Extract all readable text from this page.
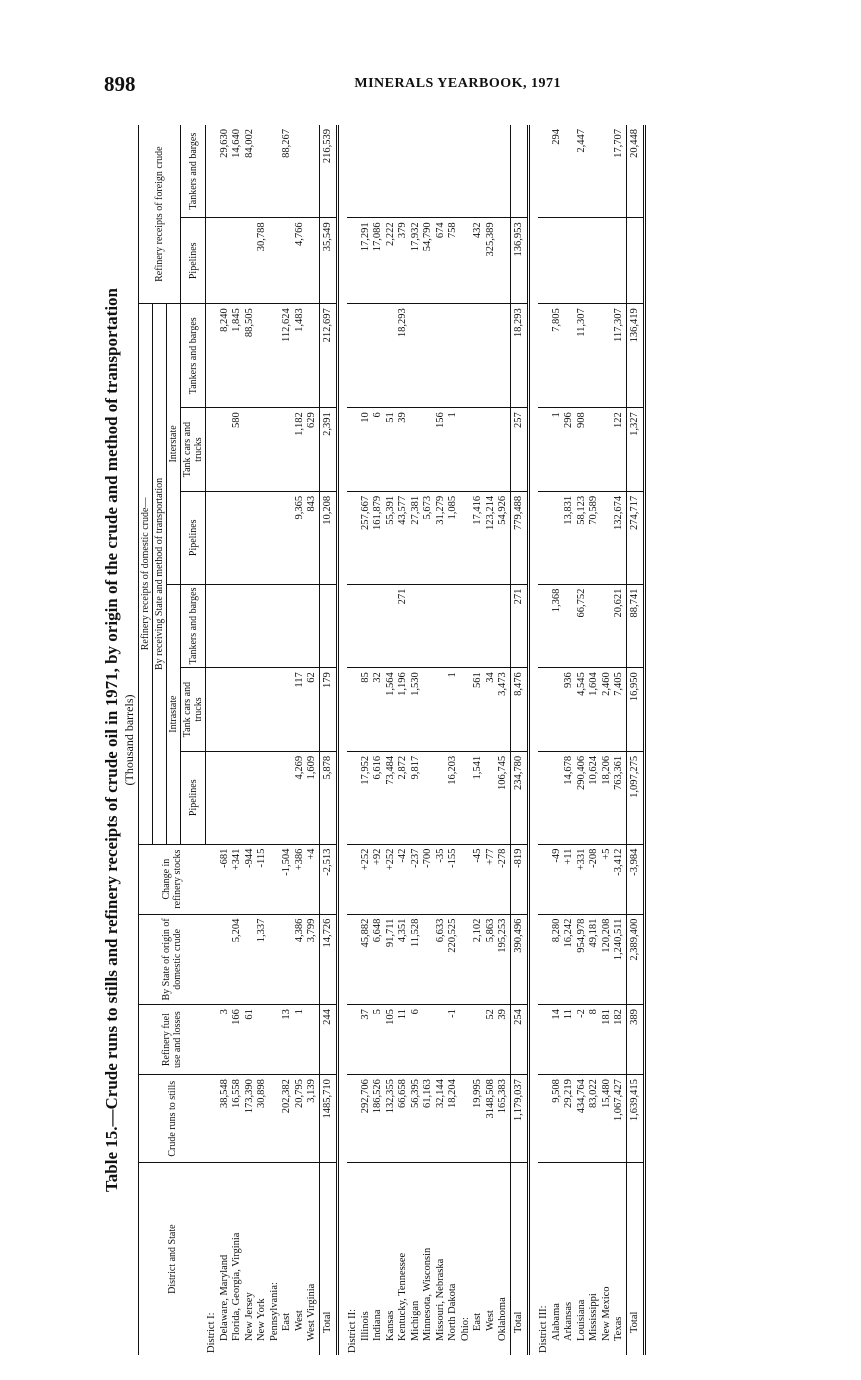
898	MINERALS YEARBOOK, 1971
Table 15.—Crude runs to stills and refinery receipts of crude oil in 1971, by origin of the crude and method of transportation (Thousand barrels)
District and State	Crude runs to stills	Refinery fuel use and losses	By State of origin of domestic crude	Change in refinery stocks	Refinery receipts of domestic crude—						Refinery receipts of foreign crude	
					By receiving State and method of transportation							
					Intrastate			Interstate				
					Pipelines	Tank cars and trucks	Tankers and barges	Pipelines	Tank cars and trucks	Tankers and barges	Pipelines	Tankers and barges
District I:												
Delaware, Maryland	38,548	3		-681						8,240		29,630
Florida, Georgia, Virginia	16,558	166	5,204	+341					580	1,845		14,640
New Jersey	173,390	61		-944						88,505		84,002
New York	30,898		1,337	-115							30,788	
Pennsylvania:												
East	202,382	13		-1,504						112,624		88,267
West	20,795	1	4,386	+386	4,269	117		9,365	1,182	1,483	4,766	
West Virginia	3,139		3,799	+4	1,609	62		843	629			
Total	1485,710	244	14,726	-2,513	5,878	179		10,208	2,391	212,697	35,549	216,539

District II:												
Illinois	292,706	37	45,882	+252	17,952	85		257,667	10		17,291	
Indiana	186,526	5	6,648	+92	6,616	32		161,879	6		17,086	
Kansas	132,355	105	91,711	+252	73,484	1,564		55,391	51		2,222	
Kentucky, Tennessee	66,658	11	4,351	-42	2,872	1,196	271	43,577	39	18,293	379	
Michigan	56,395	6	11,528	-237	9,817	1,530		27,381			17,932	
Minnesota, Wisconsin	61,163			-700				5,673			54,790	
Missouri, Nebraska	32,144		6,633	-35				31,279	156		674	
North Dakota	18,204	-1	220,525	-155	16,203	1		1,085	1		758	
Ohio:												
East	19,995		2,102	-45	1,541	561		17,416			432	
West	3148,508	52	5,863	+77		34		123,214			325,389	
Oklahoma	165,383	39	195,253	-278	106,745	3,473		54,926				
Total	1,179,037	254	390,496	-819	234,780	8,476	271	779,488	257	18,293	136,953	

District III:												
Alabama	9,508	14	8,280	-49			1,368		1	7,805		294
Arkansas	29,219	11	16,242	+11	14,678	936		13,831	296			
Louisiana	434,764	-2	954,978	+331	290,406	4,545	66,752	58,123	908	11,307		2,447
Mississippi	83,022	8	49,181	-208	10,624	1,604		70,589				
New Mexico	15,480	181	120,208	+5	18,206	2,460						
Texas	1,067,427	182	1,240,511	-3,412	763,361	7,405	20,621	132,674	122	117,307		17,707
Total	1,639,415	389	2,389,400	-3,984	1,097,275	16,950	88,741	274,717	1,327	136,419		20,448
